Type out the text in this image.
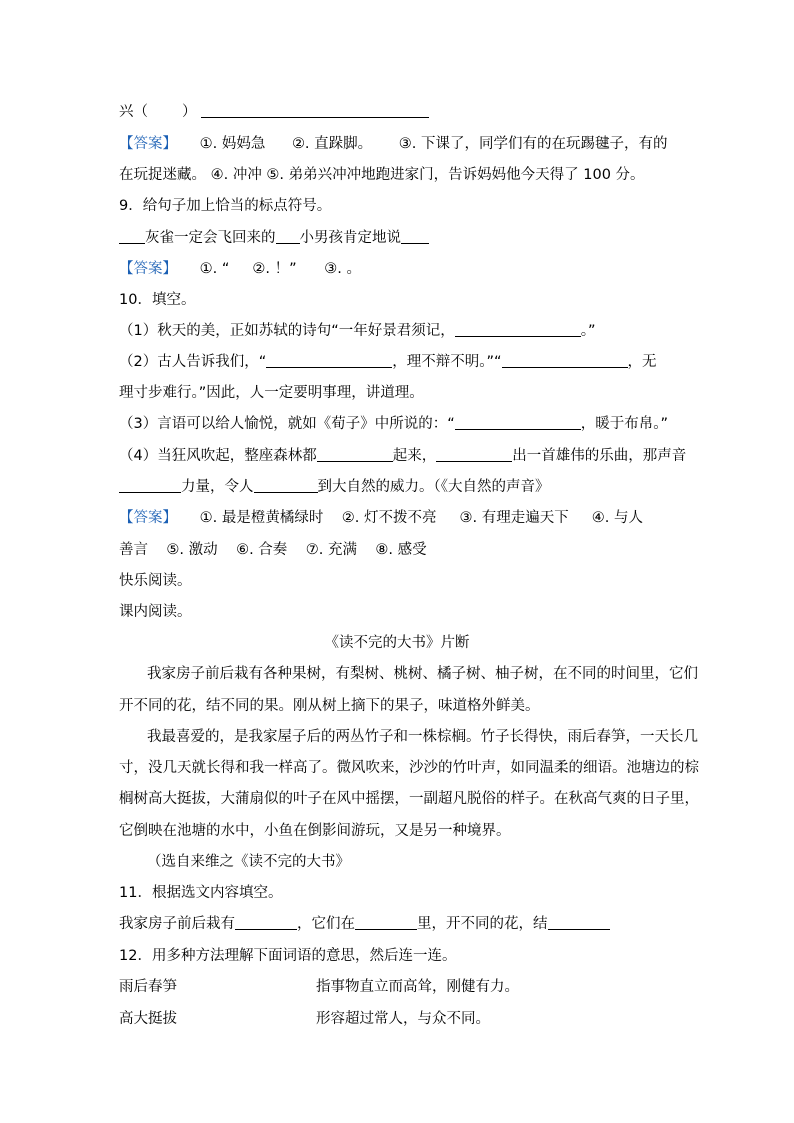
兴（ ）
【答案】 ①. 妈妈急 ②. 直跺脚。 ③. 下课了，同学们有的在玩踢毽子，有的
在玩捉迷藏。 ④. 冲冲 ⑤. 弟弟兴冲冲地跑进家门，告诉妈妈他今天得了 100 分。
9．给句子加上恰当的标点符号。
灰雀一定会飞回来的 小男孩肯定地说
【答案】 ①. “     ②. ！”      ③. 。
10．填空。
（1）秋天的美，正如苏轼的诗句“一年好景君须记，	。”
（2）古人告诉我们，“	，理不辩不明。”“	，无
理寸步难行。”因此，人一定要明事理，讲道理。
（3）言语可以给人愉悦，就如《荀子》中所说的：“	，暖于布帛。”
（4）当狂风吹起，整座森林都	起来，	出一首雄伟的乐曲，那声音
力量，令人	到大自然的威力。（《大自然的声音》
【答案】 ①. 最是橙黄橘绿时    ②. 灯不拨不亮     ③. 有理走遍天下     ④. 与人
善言    ⑤. 激动    ⑥. 合奏    ⑦. 充满    ⑧. 感受
快乐阅读。
课内阅读。
《读不完的大书》片断
我家房子前后栽有各种果树，有梨树、桃树、橘子树、柚子树，在不同的时间里，它们
开不同的花，结不同的果。刚从树上摘下的果子，味道格外鲜美。
我最喜爱的，是我家屋子后的两丛竹子和一株棕榈。竹子长得快，雨后春笋，一天长几
寸，没几天就长得和我一样高了。微风吹来，沙沙的竹叶声，如同温柔的细语。池塘边的棕
榈树高大挺拔，大蒲扇似的叶子在风中摇摆，一副超凡脱俗的样子。在秋高气爽的日子里，
它倒映在池塘的水中，小鱼在倒影间游玩，又是另一种境界。
（选自来维之《读不完的大书》
11．根据选文内容填空。
我家房子前后栽有	，它们在	里，开不同的花，结
12．用多种方法理解下面词语的意思，然后连一连。
雨后春笋	指事物直立而高耸，刚健有力。
高大挺拔	形容超过常人，与众不同。
